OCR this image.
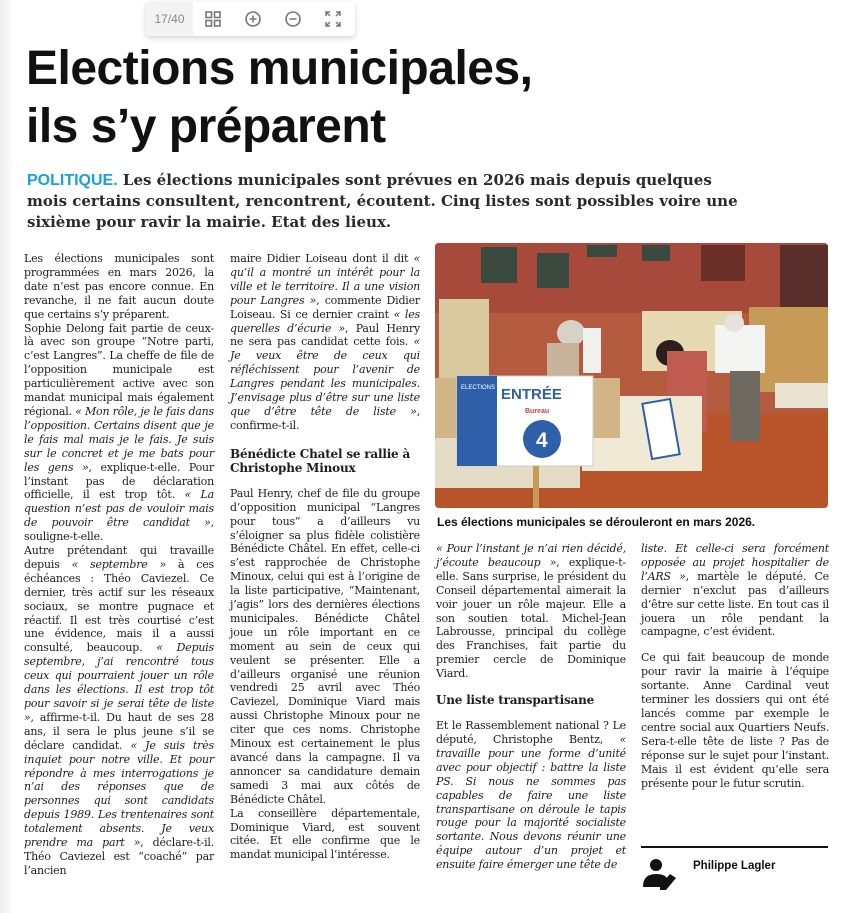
Elections municipales,
ils s’y préparent
17/40

POLITIQUE. Les élections municipales sont prévues en 2026 mais depuis quelques mois certains consultent, rencontrent, écoutent. Cinq listes sont possibles voire une sixième pour ravir la mairie. Etat des lieux.

Les élections municipales sont programmées en mars 2026, la date n’est pas encore connue. En revanche, il ne fait aucun doute que certains s’y préparent.

Sophie Delong fait partie de ceux-là avec son groupe “Notre parti, c’est Langres”. La cheffe de file de l’opposition municipale est particulièrement active avec son mandat municipal mais également régional. « Mon rôle, je le fais dans l’opposition. Certains disent que je le fais mal mais je le fais. Je suis sur le concret et je me bats pour les gens », explique-t-elle. Pour l’instant pas de déclaration officielle, il est trop tôt. « La question n’est pas de vouloir mais de pouvoir être candidat », souligne-t-elle.

Autre prétendant qui travaille depuis « septembre » à ces échéances : Théo Caviezel. Ce dernier, très actif sur les réseaux sociaux, se montre pugnace et réactif. Il est très courtisé c’est une évidence, mais il a aussi consulté, beaucoup. « Depuis septembre, j’ai rencontré tous ceux qui pourraient jouer un rôle dans les élections. Il est trop tôt pour savoir si je serai tête de liste », affirme-t-il. Du haut de ses 28 ans, il sera le plus jeune s’il se déclare candidat. « Je suis très inquiet pour notre ville. Et pour répondre à mes interrogations je n’ai des réponses que de personnes qui sont candidats depuis 1989. Les trentenaires sont totalement absents. Je veux prendre ma part », déclare-t-il. Théo Caviezel est “coaché” par l’ancien

maire Didier Loiseau dont il dit « qu’il a montré un intérêt pour la ville et le territoire. Il a une vision pour Langres », commente Didier Loiseau. Si ce dernier craint « les querelles d’écurie », Paul Henry ne sera pas candidat cette fois. « Je veux être de ceux qui réfléchissent pour l’avenir de Langres pendant les municipales. J’envisage plus d’être sur une liste que d’être tête de liste », confirme-t-il.

Bénédicte Chatel se rallie à Christophe Minoux

Paul Henry, chef de file du groupe d’opposition municipal “Langres pour tous” a d’ailleurs vu s’éloigner sa plus fidèle colistière Bénédicte Châtel. En effet, celle-ci s’est rapprochée de Christophe Minoux, celui qui est à l’origine de la liste participative, “Maintenant, j’agis” lors des dernières élections municipales. Bénédicte Châtel joue un rôle important en ce moment au sein de ceux qui veulent se présenter. Elle a d’ailleurs organisé une réunion vendredi 25 avril avec Théo Caviezel, Dominique Viard mais aussi Christophe Minoux pour ne citer que ces noms. Christophe Minoux est certainement le plus avancé dans la campagne. Il va annoncer sa candidature demain samedi 3 mai aux côtés de Bénédicte Châtel.

La conseillère départementale, Dominique Viard, est souvent citée. Et elle confirme que le mandat municipal l’intéresse.

ELECTIONS ENTRÉE
Bureau
4

Les élections municipales se dérouleront en mars 2026.

« Pour l’instant je n’ai rien décidé, j’écoute beaucoup », explique-t-elle. Sans surprise, le président du Conseil départemental aimerait la voir jouer un rôle majeur. Elle a son soutien total. Michel-Jean Labrousse, principal du collège des Franchises, fait partie du premier cercle de Dominique Viard.

Une liste transpartisane

Et le Rassemblement national ? Le député, Christophe Bentz, « travaille pour une forme d’unité avec pour objectif : battre la liste PS. Si nous ne sommes pas capables de faire une liste transpartisane on déroule le tapis rouge pour la majorité socialiste sortante. Nous devons réunir une équipe autour d’un projet et ensuite faire émerger une tête de

liste. Et celle-ci sera forcément opposée au projet hospitalier de l’ARS », martèle le député. Ce dernier n’exclut pas d’ailleurs d’être sur cette liste. En tout cas il jouera un rôle pendant la campagne, c’est évident.

Ce qui fait beaucoup de monde pour ravir la mairie à l’équipe sortante. Anne Cardinal veut terminer les dossiers qui ont été lancés comme par exemple le centre social aux Quartiers Neufs. Sera-t-elle tête de liste ? Pas de réponse sur le sujet pour l’instant. Mais il est évident qu’elle sera présente pour le futur scrutin.

Philippe Lagler
